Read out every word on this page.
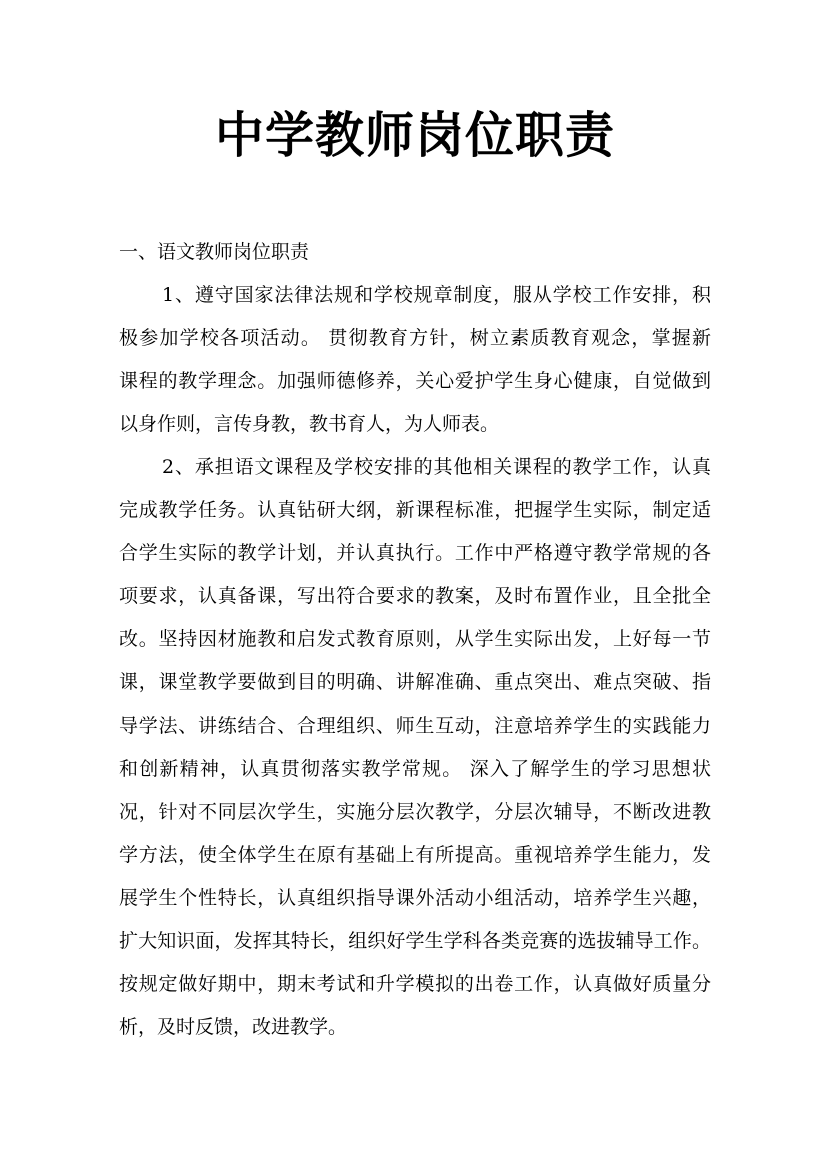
中学教师岗位职责
一、语文教师岗位职责
1、遵守国家法律法规和学校规章制度，服从学校工作安排，积
极参加学校各项活动。 贯彻教育方针，树立素质教育观念，掌握新
课程的教学理念。加强师德修养，关心爱护学生身心健康，自觉做到
以身作则，言传身教，教书育人，为人师表。
2、承担语文课程及学校安排的其他相关课程的教学工作，认真
完成教学任务。认真钻研大纲，新课程标准，把握学生实际，制定适
合学生实际的教学计划，并认真执行。工作中严格遵守教学常规的各
项要求，认真备课，写出符合要求的教案，及时布置作业，且全批全
改。坚持因材施教和启发式教育原则，从学生实际出发，上好每一节
课，课堂教学要做到目的明确、讲解准确、重点突出、难点突破、指
导学法、讲练结合、合理组织、师生互动，注意培养学生的实践能力
和创新精神，认真贯彻落实教学常规。 深入了解学生的学习思想状
况，针对不同层次学生，实施分层次教学，分层次辅导，不断改进教
学方法，使全体学生在原有基础上有所提高。重视培养学生能力，发
展学生个性特长，认真组织指导课外活动小组活动，培养学生兴趣，
扩大知识面，发挥其特长，组织好学生学科各类竞赛的选拔辅导工作。
按规定做好期中，期末考试和升学模拟的出卷工作，认真做好质量分
析，及时反馈，改进教学。
